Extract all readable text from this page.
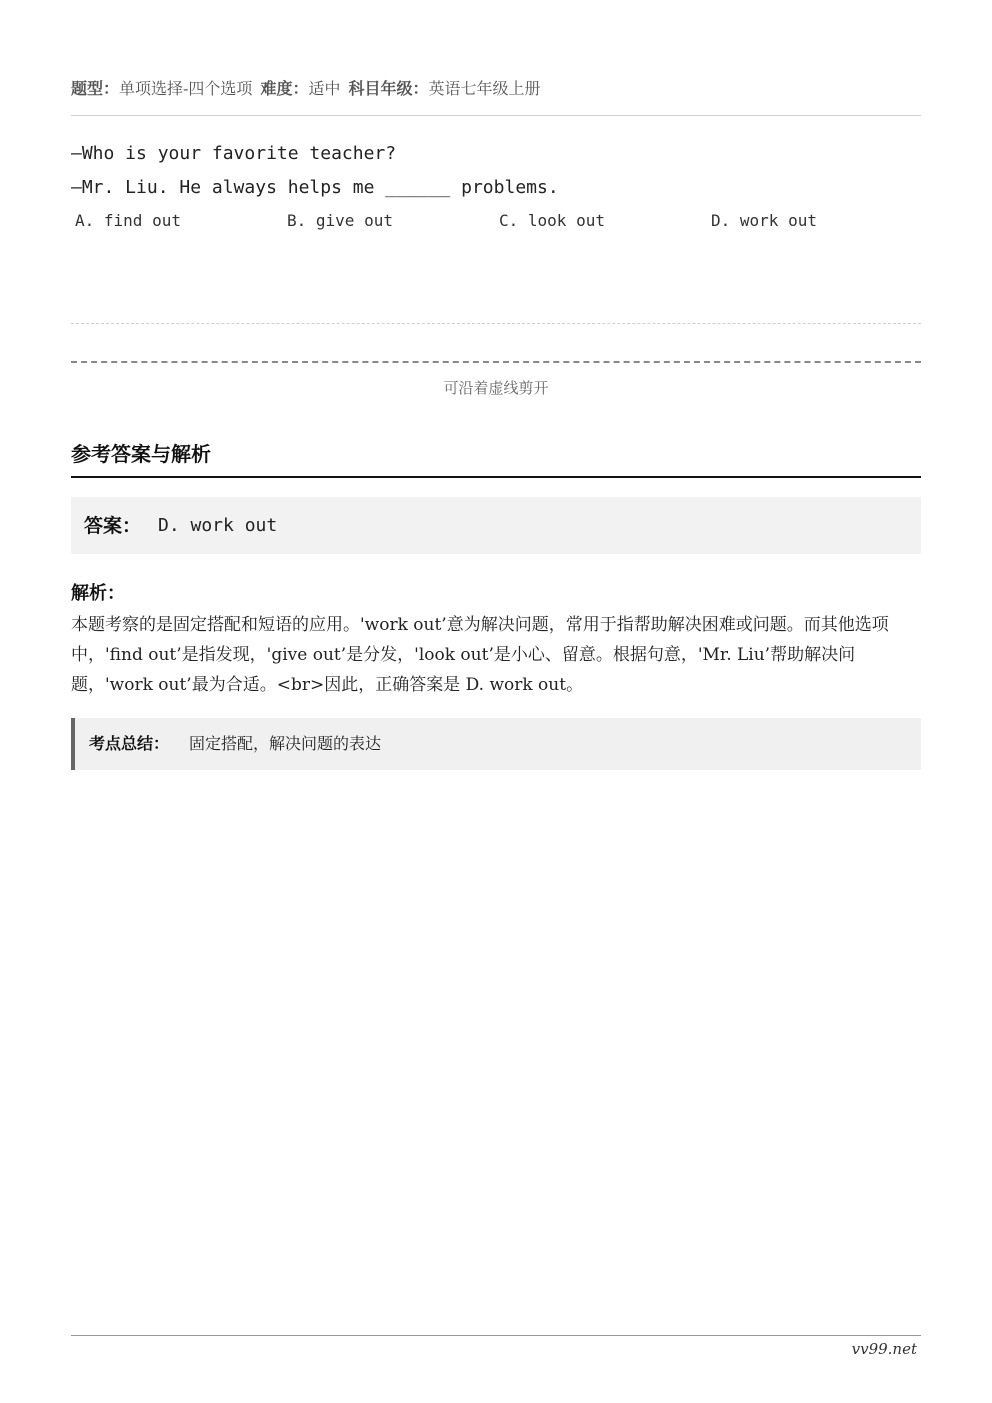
题型：单项选择-四个选项 难度：适中 科目年级：英语七年级上册
—Who is your favorite teacher?
—Mr. Liu. He always helps me ______ problems.
A. find out	B. give out	C. look out	D. work out
可沿着虚线剪开
参考答案与解析
答案： D. work out
解析：
本题考察的是固定搭配和短语的应用。'work out’意为解决问题，常用于指帮助解决困难或问题。而其他选项中，'find out’是指发现，'give out’是分发，'look out’是小心、留意。根据句意，'Mr. Liu’帮助解决问题，'work out’最为合适。<br>因此，正确答案是 D. work out。
考点总结： 固定搭配，解决问题的表达
vv99.net
